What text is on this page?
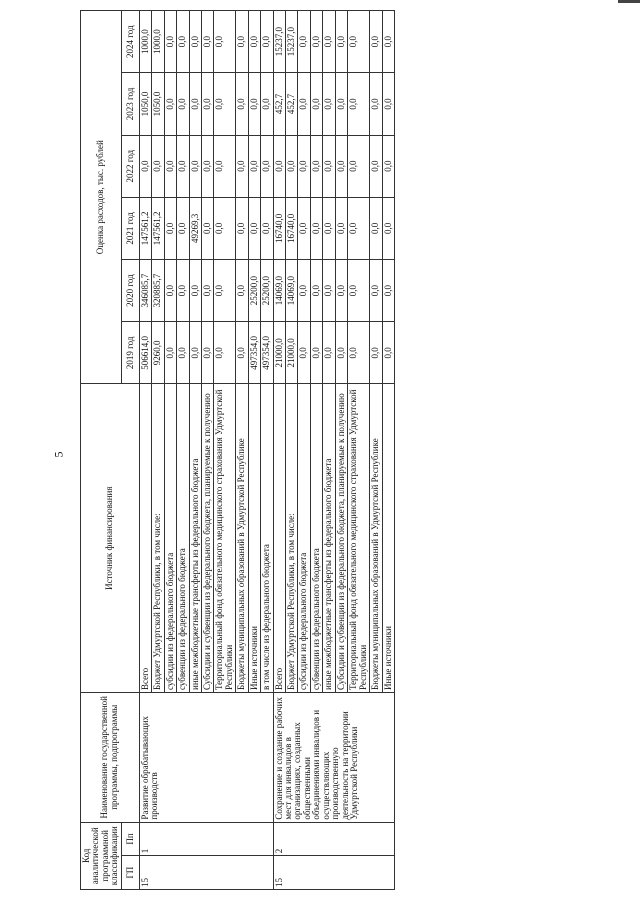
5
Код аналитической программной классификации		Наименование государственной программы, подпрограммы	Источник финансирования	Оценка расходов, тыс. рублей					
ГП	Пп			2019 год	2020 год	2021 год	2022 год	2023 год	2024 год

15	1	Развитие обрабатывающих производств	Всего	506614,0	346085,7	147561,2	0,0	1050,0	1000,0
			Бюджет Удмуртской Республики, в том числе:	9260,0	320885,7	147561,2	0,0	1050,0	1000,0
			субсидии из федерального бюджета	0,0	0,0	0,0	0,0	0,0	0,0
			субвенции из федерального бюджета	0,0	0,0	0,0	0,0	0,0	0,0
			иные межбюджетные трансферты из федерального бюджета	0,0	0,0	49269,3	0,0	0,0	0,0
			Субсидии и субвенции из федерального бюджета, планируемые к получению	0,0	0,0	0,0	0,0	0,0	0,0
			Территориальный фонд обязательного медицинского страхования Удмуртской Республики	0,0	0,0	0,0	0,0	0,0	0,0
			Бюджеты муниципальных образований в Удмуртской Республике	0,0	0,0	0,0	0,0	0,0	0,0
			Иные источники	497354,0	25200,0	0,0	0,0	0,0	0,0
			в том числе из федерального бюджета	497354,0	25200,0	0,0	0,0	0,0	0,0
15	2	Сохранение и создание рабочих мест для инвалидов в организациях, созданных общественными объединениями инвалидов и осуществляющих производственную деятельность на территории Удмуртской Республики	Всего	21000,0	14069,0	16740,0	0,0	452,7	15237,0
			Бюджет Удмуртской Республики, в том числе:	21000,0	14069,0	16740,0	0,0	452,7	15237,0
			субсидии из федерального бюджета	0,0	0,0	0,0	0,0	0,0	0,0
			субвенции из федерального бюджета	0,0	0,0	0,0	0,0	0,0	0,0
			иные межбюджетные трансферты из федерального бюджета	0,0	0,0	0,0	0,0	0,0	0,0
			Субсидии и субвенции из федерального бюджета, планируемые к получению	0,0	0,0	0,0	0,0	0,0	0,0
			Территориальный фонд обязательного медицинского страхования Удмуртской Республики	0,0	0,0	0,0	0,0	0,0	0,0
			Бюджеты муниципальных образований в Удмуртской Республике	0,0	0,0	0,0	0,0	0,0	0,0
			Иные источники	0,0	0,0	0,0	0,0	0,0	0,0
